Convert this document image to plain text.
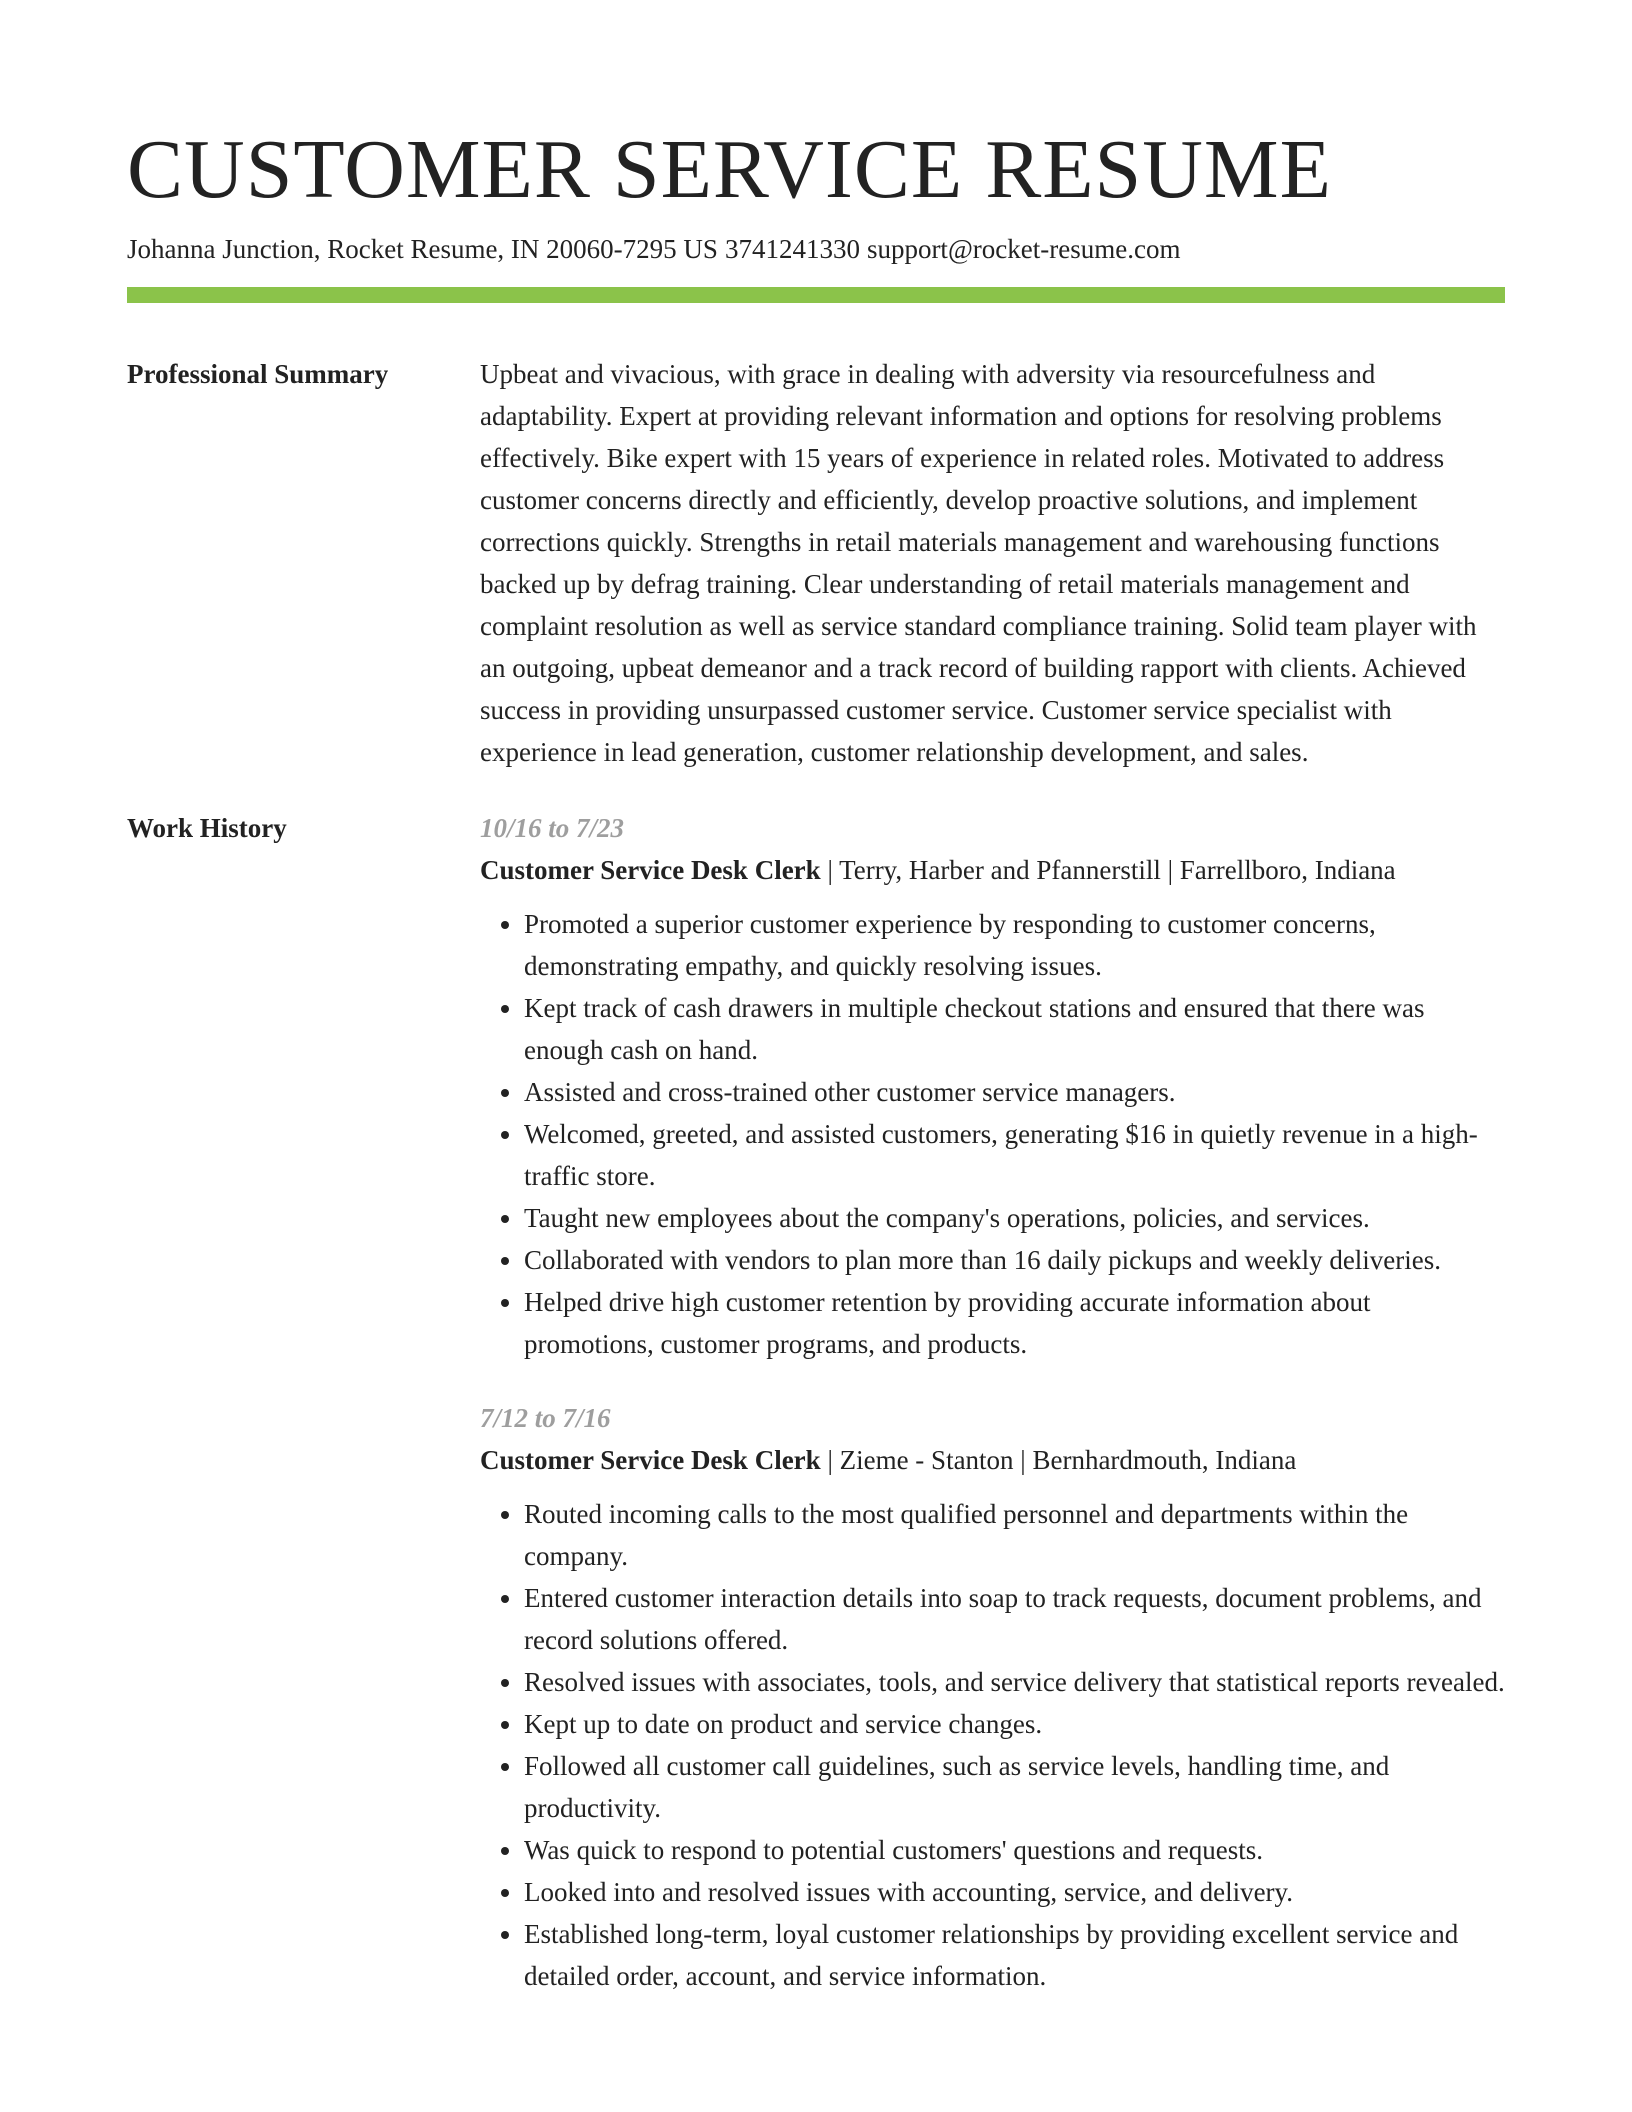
CUSTOMER SERVICE RESUME
Johanna Junction, Rocket Resume, IN 20060-7295 US 3741241330 support@rocket-resume.com
Professional Summary	Upbeat and vivacious, with grace in dealing with adversity via resourcefulness and adaptability. Expert at providing relevant information and options for resolving problems effectively. Bike expert with 15 years of experience in related roles. Motivated to address customer concerns directly and efficiently, develop proactive solutions, and implement corrections quickly. Strengths in retail materials management and warehousing functions backed up by defrag training. Clear understanding of retail materials management and complaint resolution as well as service standard compliance training. Solid team player with an outgoing, upbeat demeanor and a track record of building rapport with clients. Achieved success in providing unsurpassed customer service. Customer service specialist with experience in lead generation, customer relationship development, and sales.
Work History	10/16 to 7/23
Customer Service Desk Clerk | Terry, Harber and Pfannerstill | Farrellboro, Indiana
• Promoted a superior customer experience by responding to customer concerns, demonstrating empathy, and quickly resolving issues.
• Kept track of cash drawers in multiple checkout stations and ensured that there was enough cash on hand.
• Assisted and cross-trained other customer service managers.
• Welcomed, greeted, and assisted customers, generating $16 in quietly revenue in a high-traffic store.
• Taught new employees about the company's operations, policies, and services.
• Collaborated with vendors to plan more than 16 daily pickups and weekly deliveries.
• Helped drive high customer retention by providing accurate information about promotions, customer programs, and products.
7/12 to 7/16
Customer Service Desk Clerk | Zieme - Stanton | Bernhardmouth, Indiana
• Routed incoming calls to the most qualified personnel and departments within the company.
• Entered customer interaction details into soap to track requests, document problems, and record solutions offered.
• Resolved issues with associates, tools, and service delivery that statistical reports revealed.
• Kept up to date on product and service changes.
• Followed all customer call guidelines, such as service levels, handling time, and productivity.
• Was quick to respond to potential customers' questions and requests.
• Looked into and resolved issues with accounting, service, and delivery.
• Established long-term, loyal customer relationships by providing excellent service and detailed order, account, and service information.
